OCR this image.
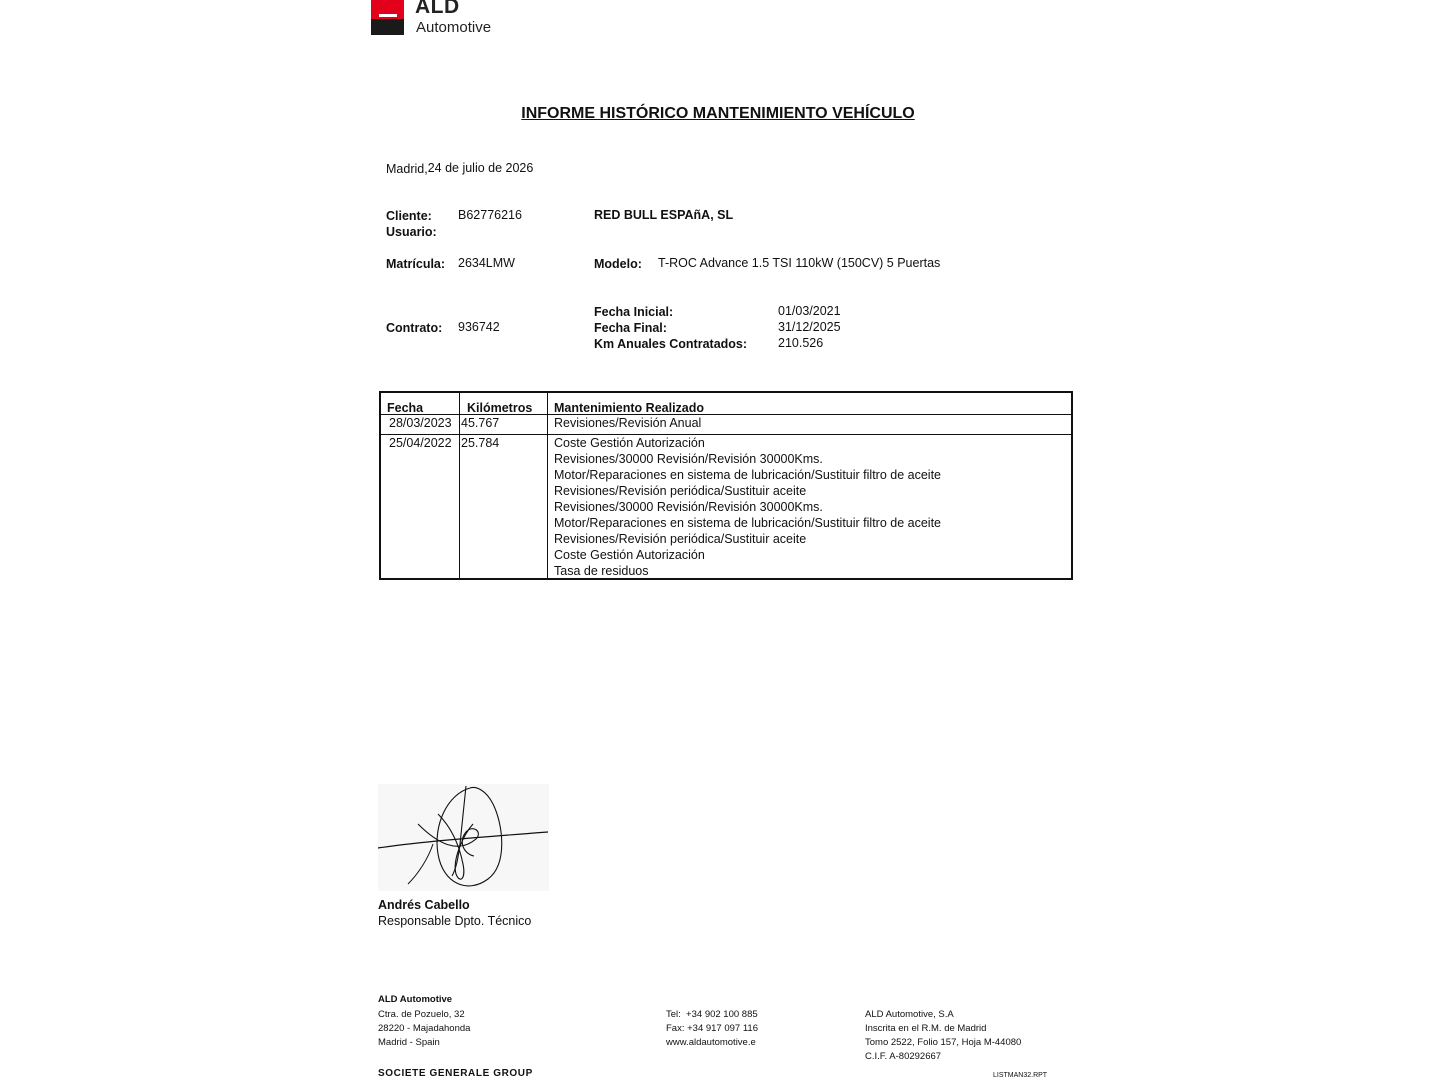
ALD
Automotive
INFORME HISTÓRICO MANTENIMIENTO VEHÍCULO
Madrid,24 de julio de 2026
Cliente: B62776216	RED BULL ESPAñA, SL
Usuario:
Matrícula: 2634LMW	Modelo: T-ROC Advance 1.5 TSI 110kW (150CV) 5 Puertas
Contrato: 936742
Fecha Inicial:	01/03/2021
Fecha Final:	31/12/2025
Km Anuales Contratados: 210.526
Fecha	Kilómetros Mantenimiento Realizado
28/03/2023 45.767	Revisiones/Revisión Anual
25/04/2022 25.784	Coste Gestión Autorización
Revisiones/30000 Revisión/Revisión 30000Kms.
Motor/Reparaciones en sistema de lubricación/Sustituir filtro de aceite
Revisiones/Revisión periódica/Sustituir aceite
Revisiones/30000 Revisión/Revisión 30000Kms.
Motor/Reparaciones en sistema de lubricación/Sustituir filtro de aceite
Revisiones/Revisión periódica/Sustituir aceite
Coste Gestión Autorización
Tasa de residuos
Andrés Cabello
Responsable Dpto. Técnico
ALD Automotive
Ctra. de Pozuelo, 32
28220 - Majadahonda
Madrid - Spain
Tel:  +34 902 100 885
Fax: +34 917 097 116
www.aldautomotive.e
ALD Automotive, S.A
Inscrita en el R.M. de Madrid
Tomo 2522, Folio 157, Hoja M-44080
C.I.F. A-80292667
SOCIETE GENERALE GROUP	LISTMAN32.RPT
